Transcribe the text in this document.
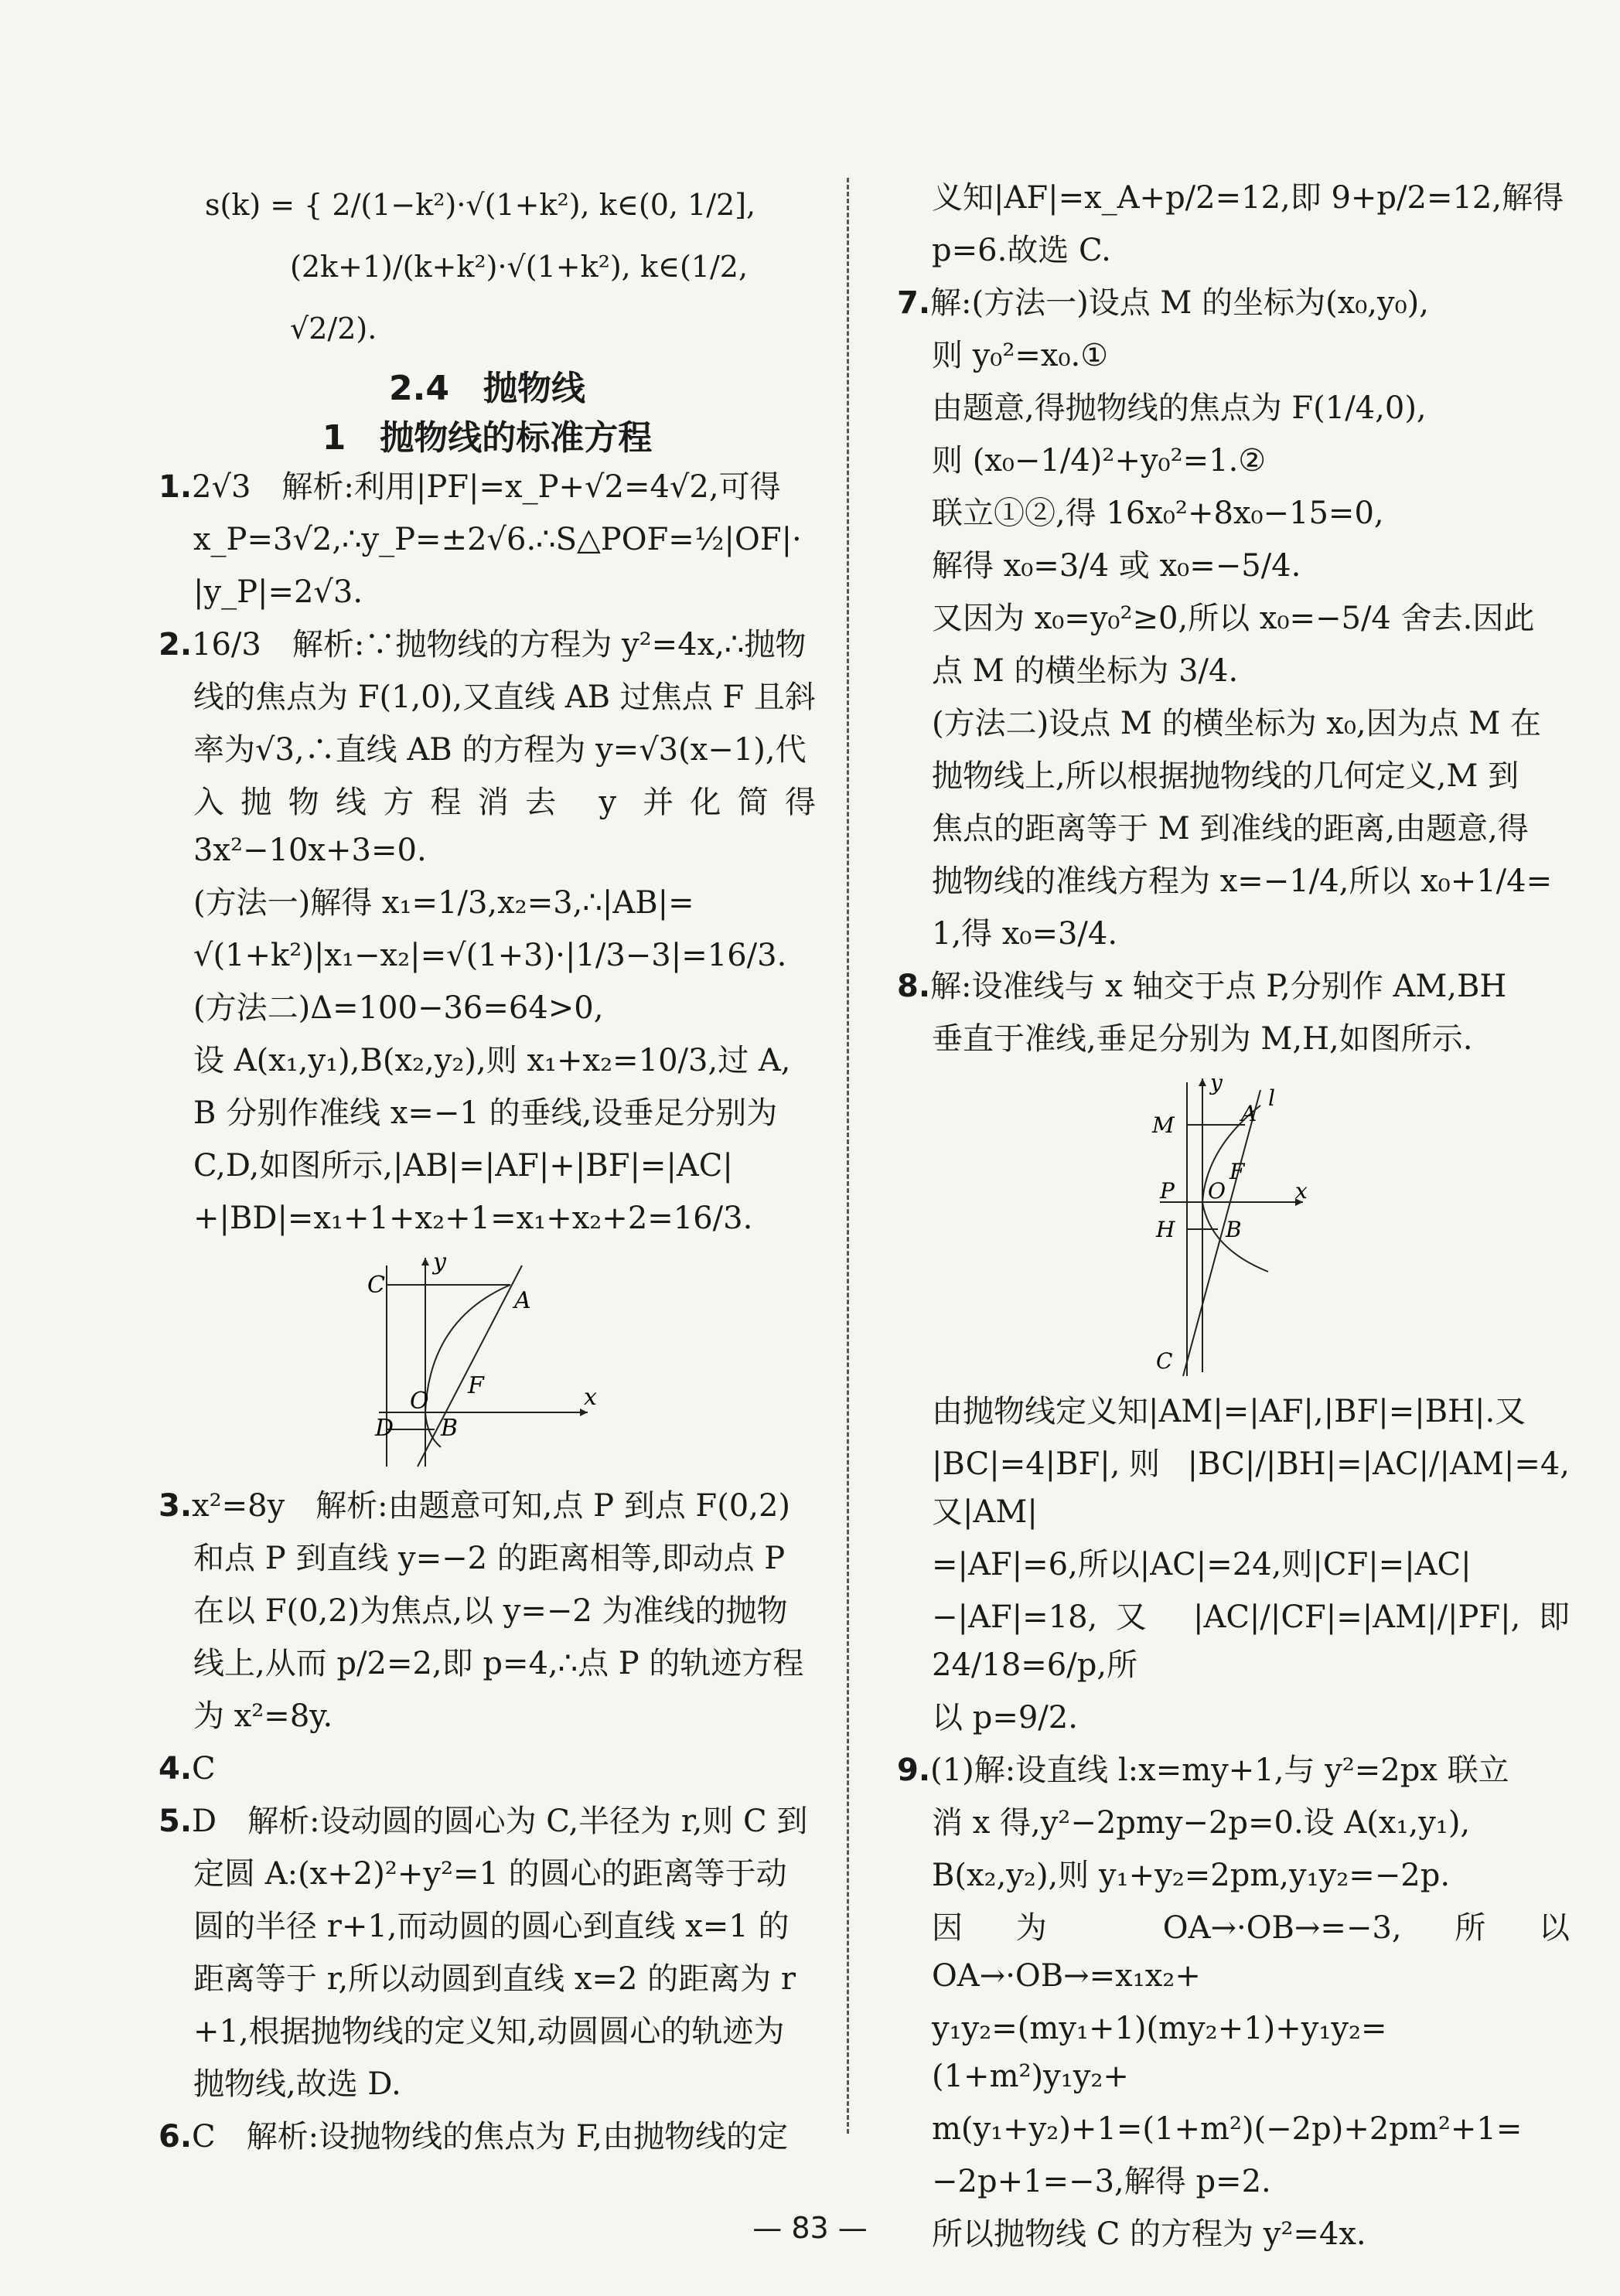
s(k) = { 2/(1−k²)·√(1+k²), k∈(0, 1/2],
(2k+1)/(k+k²)·√(1+k²), k∈(1/2, √2/2).
2.4　抛物线
1　抛物线的标准方程
1.2√3　解析:利用|PF|=x_P+√2=4√2,可得
x_P=3√2,∴y_P=±2√6.∴S△POF=½|OF|·
|y_P|=2√3.
2.16/3　解析:∵抛物线的方程为 y²=4x,∴抛物
线的焦点为 F(1,0),又直线 AB 过焦点 F 且斜
率为√3,∴直线 AB 的方程为 y=√3(x−1),代
入抛物线方程消去 y 并化简得 3x²−10x+3=0.
(方法一)解得 x₁=1/3,x₂=3,∴|AB|=
√(1+k²)|x₁−x₂|=√(1+3)·|1/3−3|=16/3.
(方法二)Δ=100−36=64>0,
设 A(x₁,y₁),B(x₂,y₂),则 x₁+x₂=10/3,过 A,
B 分别作准线 x=−1 的垂线,设垂足分别为
C,D,如图所示,|AB|=|AF|+|BF|=|AC|
+|BD|=x₁+1+x₂+1=x₁+x₂+2=16/3.
C
A
F
D
O
B
x
y
3.x²=8y　解析:由题意可知,点 P 到点 F(0,2)
和点 P 到直线 y=−2 的距离相等,即动点 P
在以 F(0,2)为焦点,以 y=−2 为准线的抛物
线上,从而 p/2=2,即 p=4,∴点 P 的轨迹方程
为 x²=8y.
4.C
5.D　解析:设动圆的圆心为 C,半径为 r,则 C 到
定圆 A:(x+2)²+y²=1 的圆心的距离等于动
圆的半径 r+1,而动圆的圆心到直线 x=1 的
距离等于 r,所以动圆到直线 x=2 的距离为 r
+1,根据抛物线的定义知,动圆圆心的轨迹为
抛物线,故选 D.
6.C　解析:设抛物线的焦点为 F,由抛物线的定
义知|AF|=x_A+p/2=12,即 9+p/2=12,解得
p=6.故选 C.
7.解:(方法一)设点 M 的坐标为(x₀,y₀),
则 y₀²=x₀.①
由题意,得抛物线的焦点为 F(1/4,0),
则 (x₀−1/4)²+y₀²=1.②
联立①②,得 16x₀²+8x₀−15=0,
解得 x₀=3/4 或 x₀=−5/4.
又因为 x₀=y₀²≥0,所以 x₀=−5/4 舍去.因此
点 M 的横坐标为 3/4.
(方法二)设点 M 的横坐标为 x₀,因为点 M 在
抛物线上,所以根据抛物线的几何定义,M 到
焦点的距离等于 M 到准线的距离,由题意,得
抛物线的准线方程为 x=−1/4,所以 x₀+1/4=
1,得 x₀=3/4.
8.解:设准线与 x 轴交于点 P,分别作 AM,BH
垂直于准线,垂足分别为 M,H,如图所示.
y
l
M	A
F
P O	x
H B
C
由抛物线定义知|AM|=|AF|,|BF|=|BH|.又
|BC|=4|BF|,则 |BC|/|BH|=|AC|/|AM|=4,又|AM|
=|AF|=6,所以|AC|=24,则|CF|=|AC|
−|AF|=18,又 |AC|/|CF|=|AM|/|PF|,即 24/18=6/p,所
以 p=9/2.
9.(1)解:设直线 l:x=my+1,与 y²=2px 联立
消 x 得,y²−2pmy−2p=0.设 A(x₁,y₁),
B(x₂,y₂),则 y₁+y₂=2pm,y₁y₂=−2p.
因为 OA→·OB→=−3,所以 OA→·OB→=x₁x₂+
y₁y₂=(my₁+1)(my₂+1)+y₁y₂=(1+m²)y₁y₂+
m(y₁+y₂)+1=(1+m²)(−2p)+2pm²+1=
−2p+1=−3,解得 p=2.
所以抛物线 C 的方程为 y²=4x.
— 83 —
